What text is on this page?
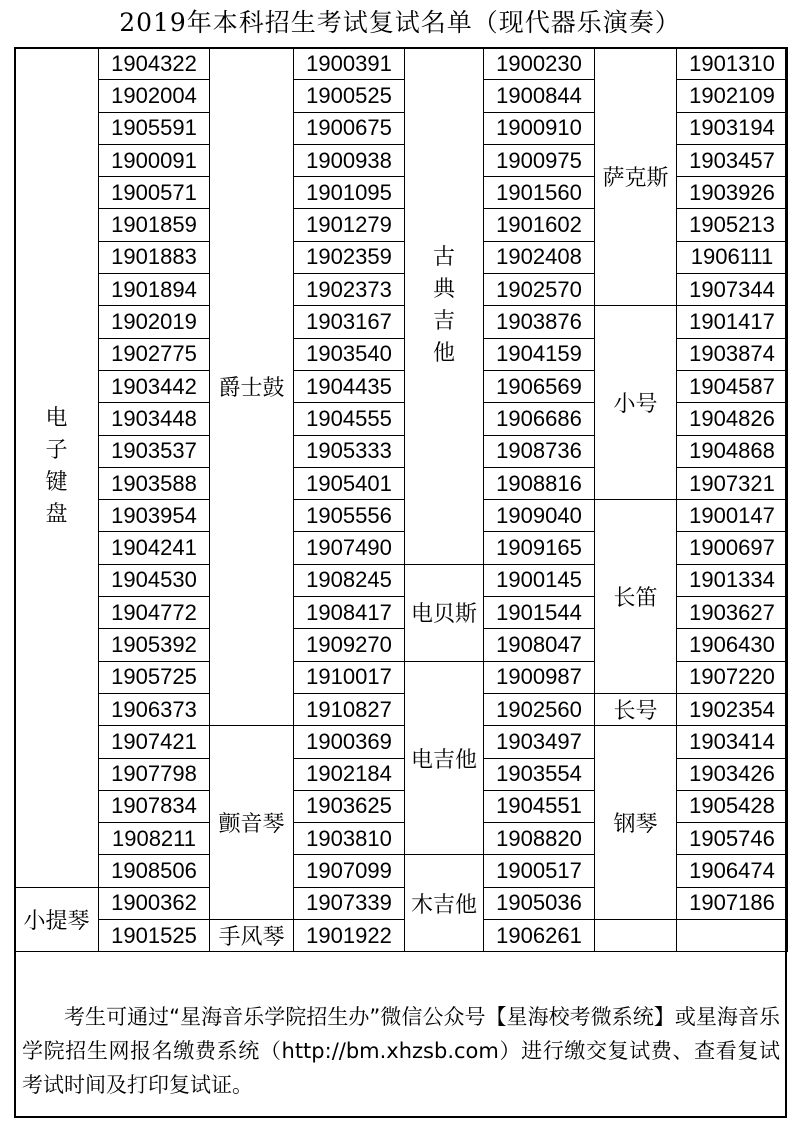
2019年本科招生考试复试名单（现代器乐演奏）
电子键盘	1904322	爵士鼓	1900391	古典吉他	1900230	萨克斯	1901310
	1902004		1900525		1900844		1902109
	1905591		1900675		1900910		1903194
	1900091		1900938		1900975		1903457
	1900571		1901095		1901560		1903926
	1901859		1901279		1901602		1905213
	1901883		1902359		1902408		1906111
	1901894		1902373		1902570		1907344
	1902019		1903167		1903876	小号	1901417
	1902775		1903540		1904159		1903874
	1903442		1904435		1906569		1904587
	1903448		1904555		1906686		1904826
	1903537		1905333		1908736		1904868
	1903588		1905401		1908816		1907321
	1903954		1905556		1909040	长笛	1900147
	1904241		1907490		1909165		1900697
	1904530		1908245	电贝斯	1900145		1901334
	1904772		1908417		1901544		1903627
	1905392		1909270		1908047		1906430
	1905725		1910017	电吉他	1900987		1907220
	1906373		1910827		1902560	长号	1902354
	1907421	颤音琴	1900369		1903497	钢琴	1903414
	1907798		1902184		1903554		1903426
	1907834		1903625		1904551		1905428
	1908211		1903810		1908820		1905746
	1908506		1907099	木吉他	1900517		1906474
小提琴	1900362		1907339		1905036		1907186
	1901525	手风琴	1901922		1906261		
考生可通过“星海音乐学院招生办”微信公众号【星海校考微系统】或星海音乐学院招生网报名缴费系统（http://bm.xhzsb.com）进行缴交复试费、查看复试考试时间及打印复试证。
